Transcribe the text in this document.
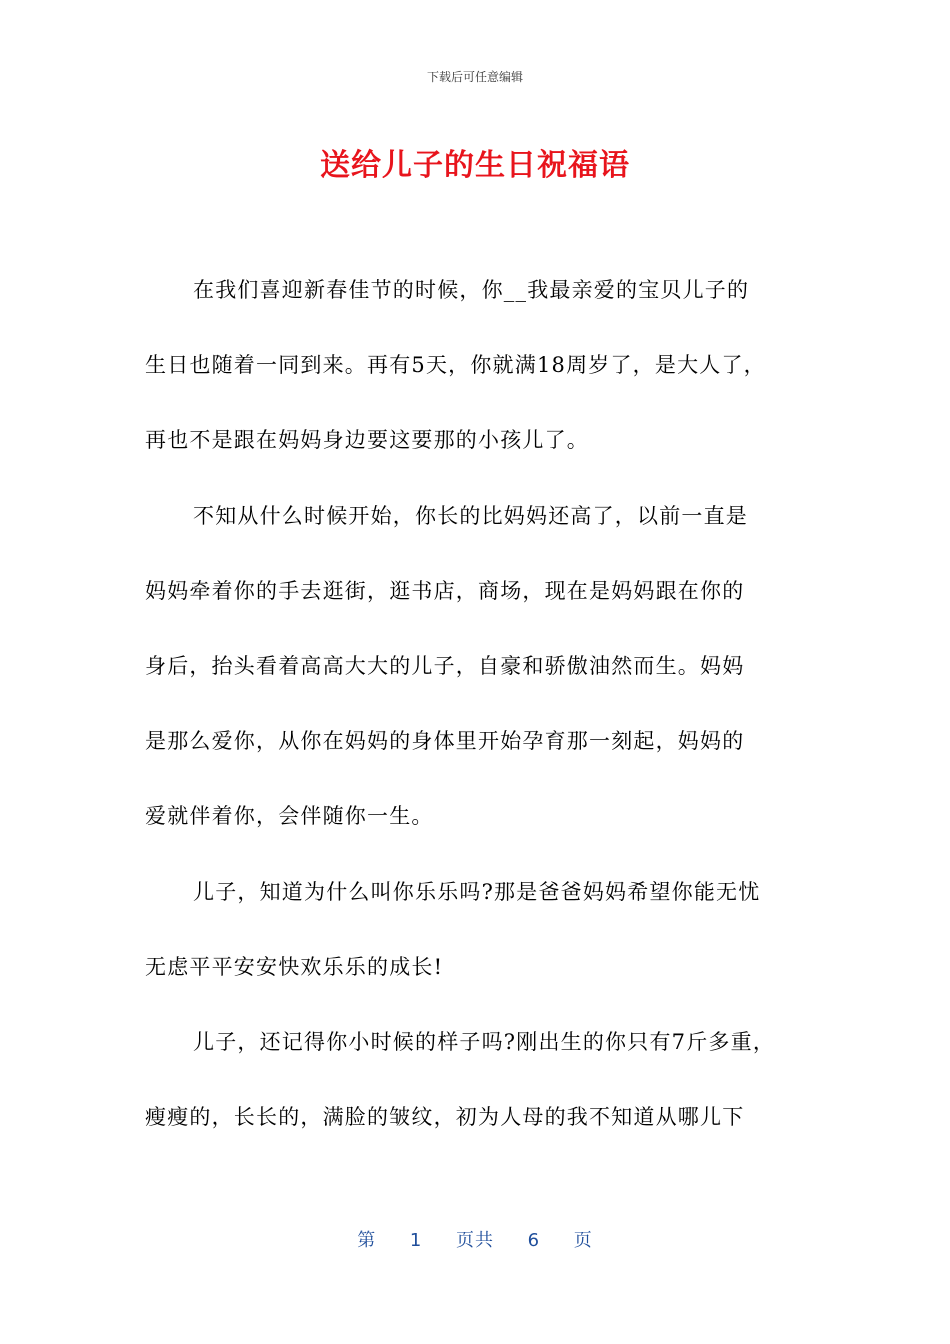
下载后可任意编辑
送给儿子的生日祝福语
在我们喜迎新春佳节的时候，你__我最亲爱的宝贝儿子的
生日也随着一同到来。再有5天，你就满18周岁了，是大人了，
再也不是跟在妈妈身边要这要那的小孩儿了。
不知从什么时候开始，你长的比妈妈还高了，以前一直是
妈妈牵着你的手去逛街，逛书店，商场，现在是妈妈跟在你的
身后，抬头看着高高大大的儿子，自豪和骄傲油然而生。妈妈
是那么爱你，从你在妈妈的身体里开始孕育那一刻起，妈妈的
爱就伴着你，会伴随你一生。
儿子，知道为什么叫你乐乐吗?那是爸爸妈妈希望你能无忧
无虑平平安安快欢乐乐的成长!
儿子，还记得你小时候的样子吗?刚出生的你只有7斤多重，
瘦瘦的，长长的，满脸的皱纹，初为人母的我不知道从哪儿下
第 1 页共 6 页
